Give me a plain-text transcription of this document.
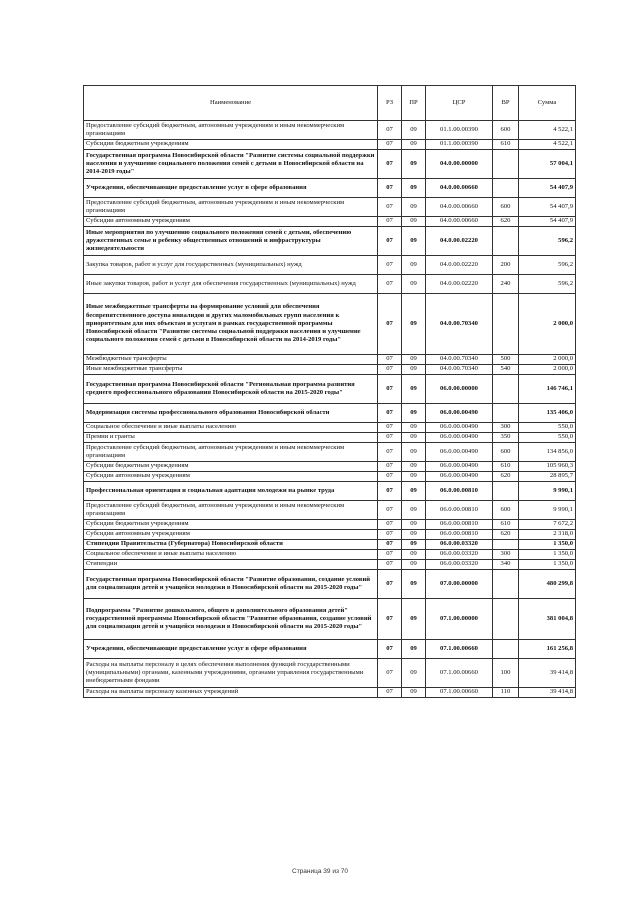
Наименование	РЗ	ПР	ЦСР	ВР	Сумма
Предоставление субсидий бюджетным, автономным учреждениям и иным некоммерческим организациям	07	09	01.1.00.00390	600	4 522,1
Субсидии бюджетным учреждениям	07	09	01.1.00.00390	610	4 522,1
Государственная программа Новосибирской области "Развитие системы социальной поддержки населения и улучшение социального положения семей с детьми в Новосибирской области на 2014-2019 годы"	07	09	04.0.00.00000		57 004,1
Учреждения, обеспечивающие предоставление услуг в сфере образования	07	09	04.0.00.00660		54 407,9
Предоставление субсидий бюджетным, автономным учреждениям и иным некоммерческим организациям	07	09	04.0.00.00660	600	54 407,9
Субсидии автономным учреждениям	07	09	04.0.00.00660	620	54 407,9
Иные мероприятия по улучшению социального положения семей с детьми, обеспечению дружественных семье и ребенку общественных отношений и инфраструктуры жизнедеятельности	07	09	04.0.00.02220		596,2
Закупка товаров, работ и услуг для государственных (муниципальных) нужд	07	09	04.0.00.02220	200	596,2
Иные закупки товаров, работ и услуг для обеспечения государственных (муниципальных) нужд	07	09	04.0.00.02220	240	596,2
Иные межбюджетные трансферты на формирование условий для обеспечения беспрепятственного доступа инвалидов и других маломобильных групп населения к приоритетным для них объектам и услугам в рамках государственной программы Новосибирской области "Развитие системы социальной поддержки населения и улучшение социального положения семей с детьми в Новосибирской области на 2014-2019 годы"	07	09	04.0.00.70340		2 000,0
Межбюджетные трансферты	07	09	04.0.00.70340	500	2 000,0
Иные межбюджетные трансферты	07	09	04.0.00.70340	540	2 000,0
Государственная программа Новосибирской области "Региональная программа развития среднего профессионального образования Новосибирской области на 2015-2020 годы"	07	09	06.0.00.00000		146 746,1
Модернизация системы профессионального образования Новосибирской области	07	09	06.0.00.00490		135 406,0
Социальное обеспечение и иные выплаты населению	07	09	06.0.00.00490	300	550,0
Премии и гранты	07	09	06.0.00.00490	350	550,0
Предоставление субсидий бюджетным, автономным учреждениям и иным некоммерческим организациям	07	09	06.0.00.00490	600	134 856,0
Субсидии бюджетным учреждениям	07	09	06.0.00.00490	610	105 960,3
Субсидии автономным учреждениям	07	09	06.0.00.00490	620	28 895,7
Профессиональная ориентация и социальная адаптация молодежи на рынке труда	07	09	06.0.00.00810		9 990,1
Предоставление субсидий бюджетным, автономным учреждениям и иным некоммерческим организациям	07	09	06.0.00.00810	600	9 990,1
Субсидии бюджетным учреждениям	07	09	06.0.00.00810	610	7 672,2
Субсидии автономным учреждениям	07	09	06.0.00.00810	620	2 318,0
Стипендии Правительства (Губернатора) Новосибирской области	07	09	06.0.00.03320		1 350,0
Социальное обеспечение и иные выплаты населению	07	09	06.0.00.03320	300	1 350,0
Стипендии	07	09	06.0.00.03320	340	1 350,0
Государственная программа Новосибирской области "Развитие образования, создание условий для социализации детей и учащейся молодежи в Новосибирской области на 2015-2020 годы"	07	09	07.0.00.00000		480 299,8
Подпрограмма "Развитие дошкольного, общего и дополнительного образования детей" государственной программы Новосибирской области "Развитие образования, создание условий для социализации детей и учащейся молодежи в Новосибирской области на 2015-2020 годы"	07	09	07.1.00.00000		381 004,8
Учреждения, обеспечивающие предоставление услуг в сфере образования	07	09	07.1.00.00660		161 256,8
Расходы на выплаты персоналу в целях обеспечения выполнения функций государственными (муниципальными) органами, казенными учреждениями, органами управления государственными внебюджетными фондами	07	09	07.1.00.00660	100	39 414,8
Расходы на выплаты персоналу казенных учреждений	07	09	07.1.00.00660	110	39 414,8
Страница 39 из 70
